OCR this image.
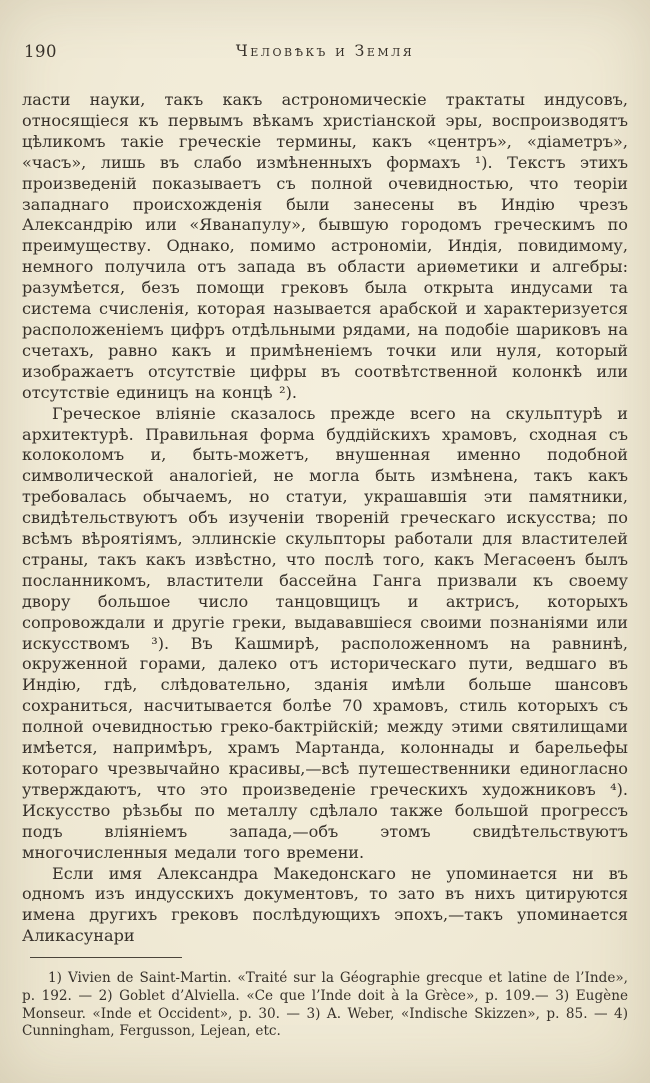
190	Человѣкъ и Земля

ласти науки, такъ какъ астрономическіе трактаты индусовъ, относящіеся къ первымъ вѣкамъ христіанской эры, воспроизводятъ цѣликомъ такіе греческіе термины, какъ «центръ», «діаметръ», «часъ», лишь въ слабо измѣненныхъ формахъ ¹). Текстъ этихъ произведеній показываетъ съ полной очевидностью, что теоріи западнаго происхожденія были занесены въ Индію чрезъ Александрію или «Яванапулу», бывшую городомъ греческимъ по преимуществу. Однако, помимо астрономіи, Индія, повидимому, немного получила отъ запада въ области ариѳметики и алгебры: разумѣется, безъ помощи грековъ была открыта индусами та система счисленія, которая называется арабской и характеризуется расположеніемъ цифръ отдѣльными рядами, на подобіе шариковъ на счетахъ, равно какъ и примѣненіемъ точки или нуля, который изображаетъ отсутствіе цифры въ соотвѣтственной колонкѣ или отсутствіе единицъ на концѣ ²).

Греческое вліяніе сказалось прежде всего на скульптурѣ и архитектурѣ. Правильная форма буддійскихъ храмовъ, сходная съ колоколомъ и, быть-можетъ, внушенная именно подобной символической аналогіей, не могла быть измѣнена, такъ какъ требовалась обычаемъ, но статуи, украшавшія эти памятники, свидѣтельствуютъ объ изученіи твореній греческаго искусства; по всѣмъ вѣроятіямъ, эллинскіе скульпторы работали для властителей страны, такъ какъ извѣстно, что послѣ того, какъ Мегасѳенъ былъ посланникомъ, властители бассейна Ганга призвали къ своему двору большое число танцовщицъ и актрисъ, которыхъ сопровождали и другіе греки, выдававшіеся своими познаніями или искусствомъ ³). Въ Кашмирѣ, расположенномъ на равнинѣ, окруженной горами, далеко отъ историческаго пути, ведшаго въ Индію, гдѣ, слѣдовательно, зданія имѣли больше шансовъ сохраниться, насчитывается болѣе 70 храмовъ, стиль которыхъ съ полной очевидностью греко-бактрійскій; между этими святилищами имѣется, напримѣръ, храмъ Мартанда, колоннады и барельефы котораго чрезвычайно красивы,—всѣ путешественники единогласно утверждаютъ, что это произведеніе греческихъ художниковъ ⁴). Искусство рѣзьбы по металлу сдѣлало также большой прогрессъ подъ вліяніемъ запада,—объ этомъ свидѣтельствуютъ многочисленныя медали того времени.

Если имя Александра Македонскаго не упоминается ни въ одномъ изъ индусскихъ документовъ, то зато въ нихъ цитируются имена другихъ грековъ послѣдующихъ эпохъ,—такъ упоминается Аликасунари

1) Vivien de Saint-Martin. «Traité sur la Géographie grecque et latine de l’Inde», p. 192. — 2) Goblet d’Alviella. «Ce que l’Inde doit à la Grèce», p. 109.— 3) Eugène Monseur. «Inde et Occident», p. 30. — 3) A. Weber, «Indische Skizzen», p. 85. — 4) Cunningham, Fergusson, Lejean, etc.
